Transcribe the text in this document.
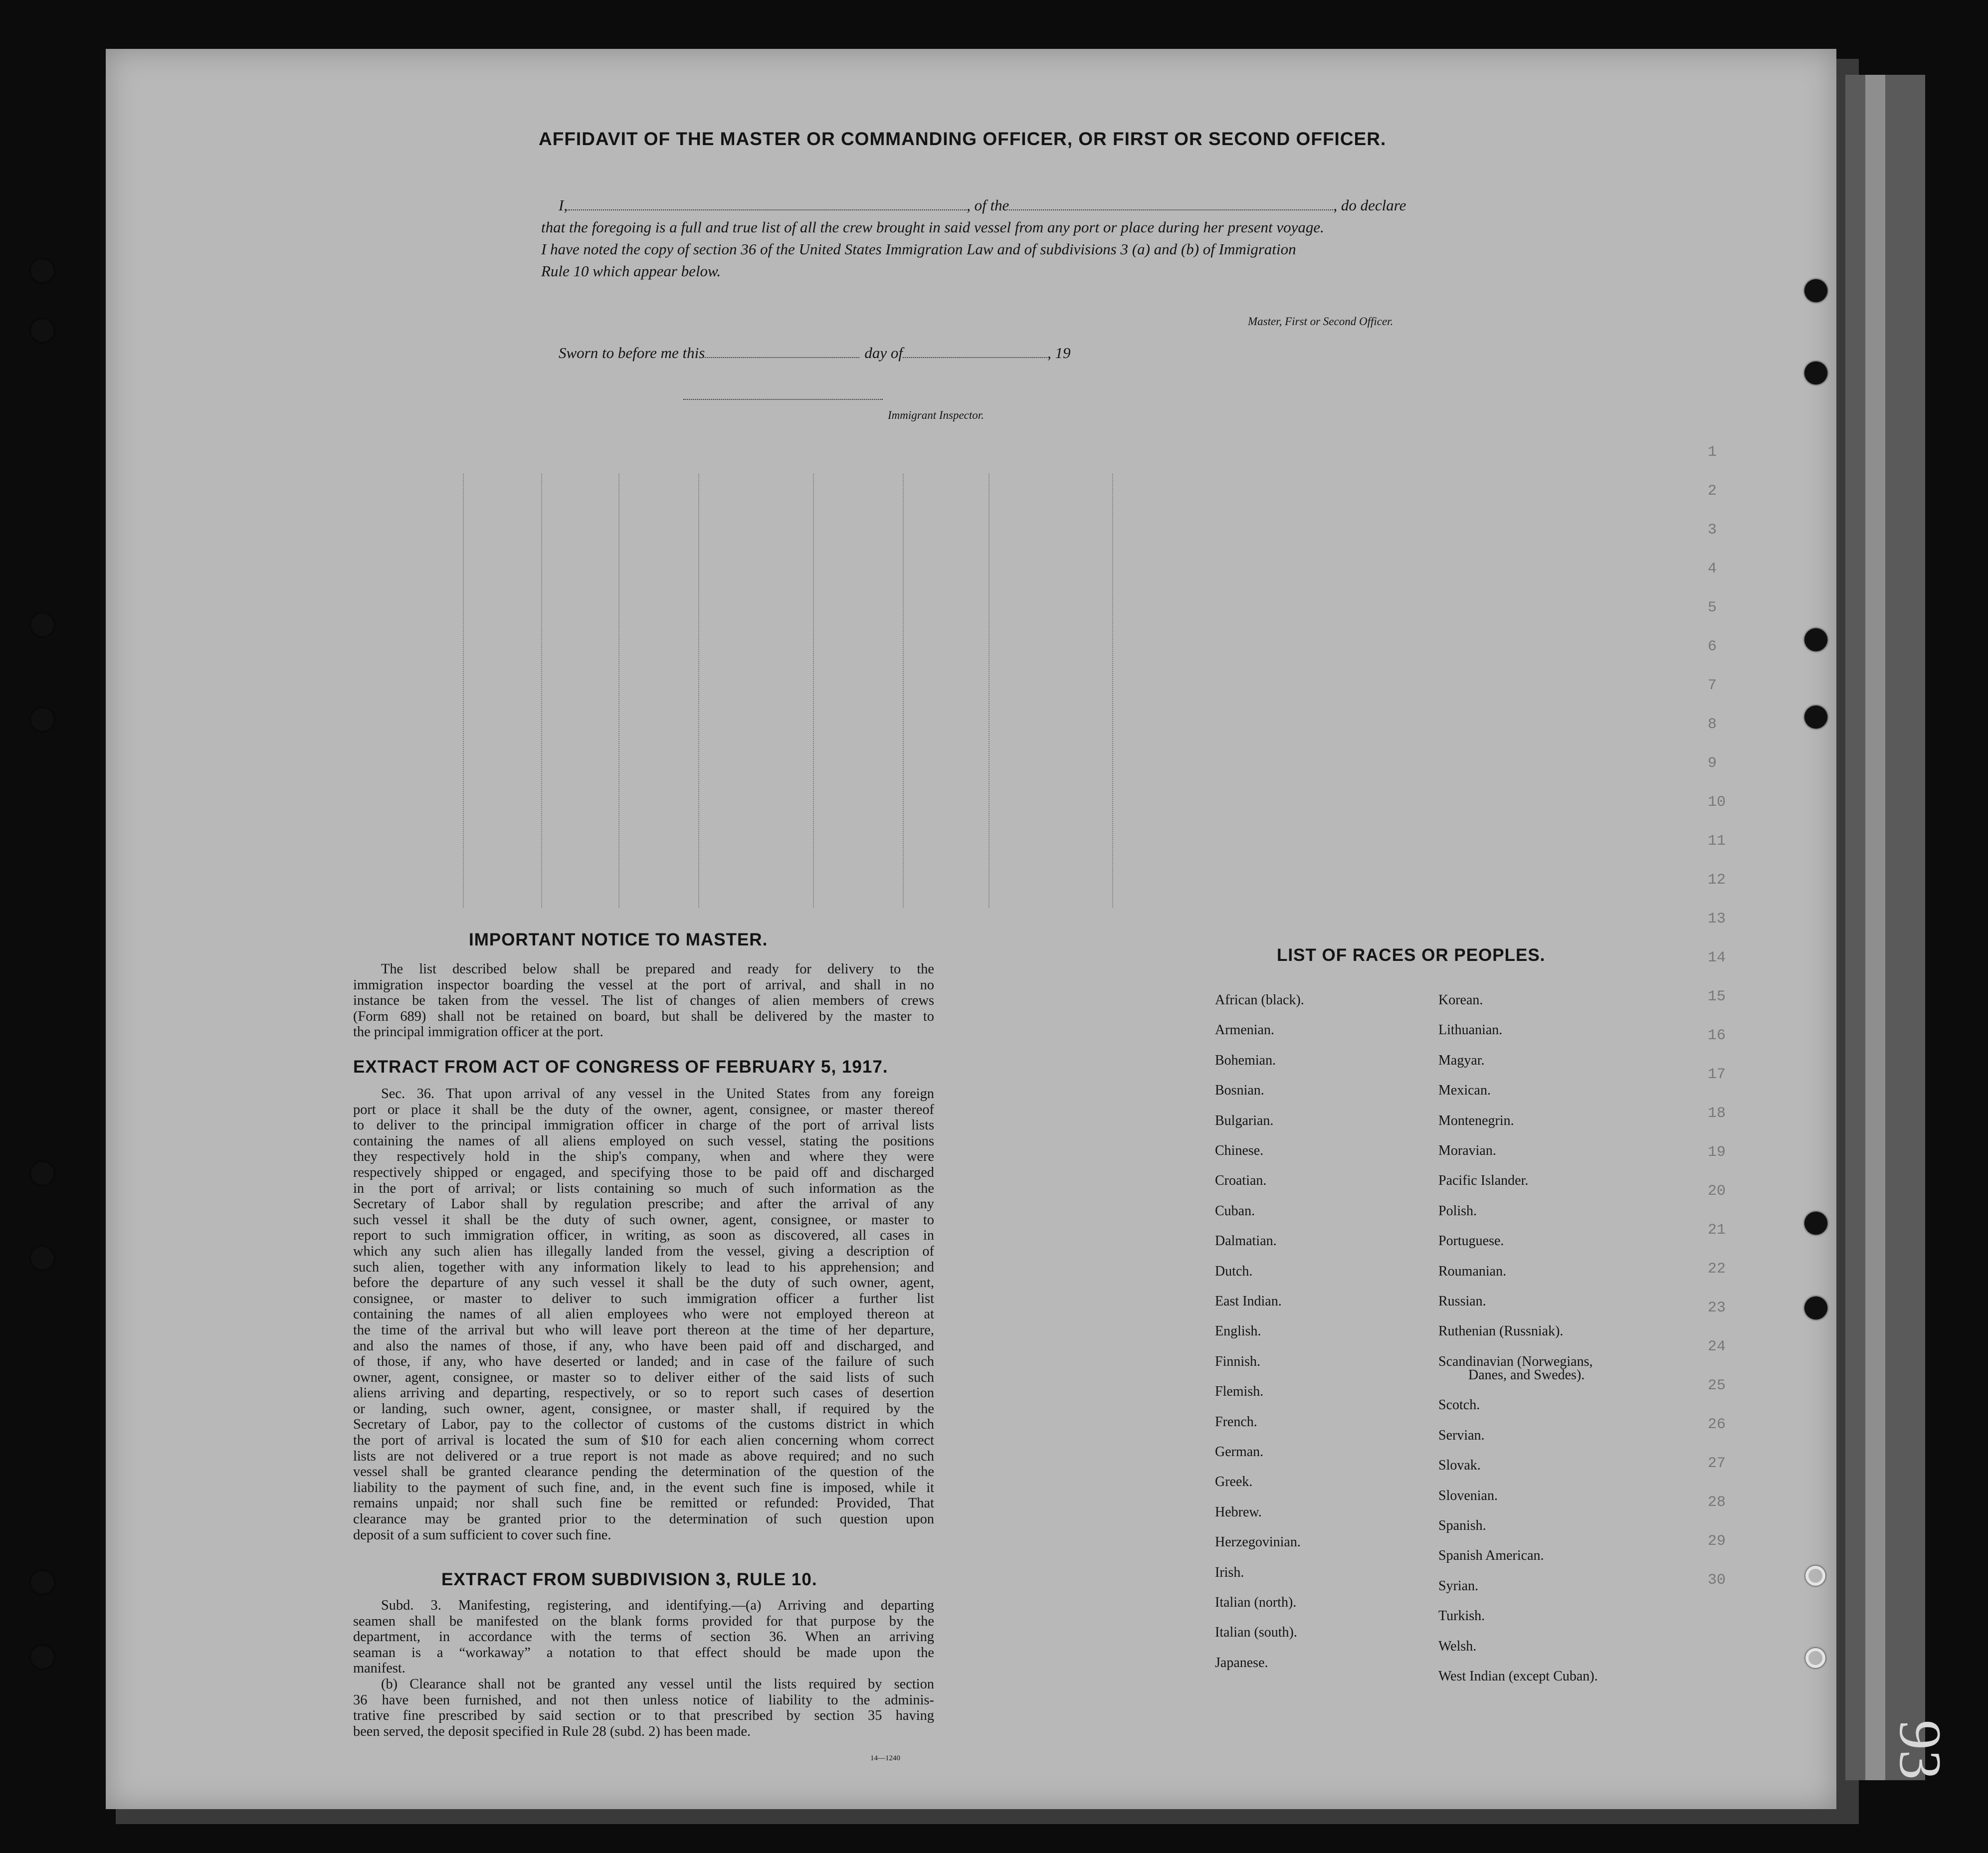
1
2
3
4
5
6
7
8
9
10
11
12
13
14
15
16
17
18
19
20
21
22
23
24
25
26
27
28
29
30
AFFIDAVIT OF THE MASTER OR COMMANDING OFFICER, OR FIRST OR SECOND OFFICER.
I,	, of the	, do declare
that the foregoing is a full and true list of all the crew brought in said vessel from any port or place during her present voyage.
I have noted the copy of section 36 of the United States Immigration Law and of subdivisions 3 (a) and (b) of Immigration
Rule 10 which appear below.
Master, First or Second Officer.
Sworn to before me this	day of	, 19
Immigrant Inspector.
IMPORTANT NOTICE TO MASTER.
The list described below shall be prepared and ready for delivery to the
immigration inspector boarding the vessel at the port of arrival, and shall in no
instance be taken from the vessel. The list of changes of alien members of crews
(Form 689) shall not be retained on board, but shall be delivered by the master to
the principal immigration officer at the port.
EXTRACT FROM ACT OF CONGRESS OF FEBRUARY 5, 1917.
Sec. 36. That upon arrival of any vessel in the United States from any foreign
port or place it shall be the duty of the owner, agent, consignee, or master thereof
to deliver to the principal immigration officer in charge of the port of arrival lists
containing the names of all aliens employed on such vessel, stating the positions
they respectively hold in the ship's company, when and where they were
respectively shipped or engaged, and specifying those to be paid off and discharged
in the port of arrival; or lists containing so much of such information as the
Secretary of Labor shall by regulation prescribe; and after the arrival of any
such vessel it shall be the duty of such owner, agent, consignee, or master to
report to such immigration officer, in writing, as soon as discovered, all cases in
which any such alien has illegally landed from the vessel, giving a description of
such alien, together with any information likely to lead to his apprehension; and
before the departure of any such vessel it shall be the duty of such owner, agent,
consignee, or master to deliver to such immigration officer a further list
containing the names of all alien employees who were not employed thereon at
the time of the arrival but who will leave port thereon at the time of her departure,
and also the names of those, if any, who have been paid off and discharged, and
of those, if any, who have deserted or landed; and in case of the failure of such
owner, agent, consignee, or master so to deliver either of the said lists of such
aliens arriving and departing, respectively, or so to report such cases of desertion
or landing, such owner, agent, consignee, or master shall, if required by the
Secretary of Labor, pay to the collector of customs of the customs district in which
the port of arrival is located the sum of $10 for each alien concerning whom correct
lists are not delivered or a true report is not made as above required; and no such
vessel shall be granted clearance pending the determination of the question of the
liability to the payment of such fine, and, in the event such fine is imposed, while it
remains unpaid; nor shall such fine be remitted or refunded: Provided, That
clearance may be granted prior to the determination of such question upon
deposit of a sum sufficient to cover such fine.
EXTRACT FROM SUBDIVISION 3, RULE 10.
Subd. 3. Manifesting, registering, and identifying.—(a) Arriving and departing
seamen shall be manifested on the blank forms provided for that purpose by the
department, in accordance with the terms of section 36. When an arriving
seaman is a “workaway” a notation to that effect should be made upon the
manifest.
(b) Clearance shall not be granted any vessel until the lists required by section
36 have been furnished, and not then unless notice of liability to the adminis-
trative fine prescribed by said section or to that prescribed by section 35 having
been served, the deposit specified in Rule 28 (subd. 2) has been made.
14—1240
LIST OF RACES OR PEOPLES.
African (black).
Armenian.
Bohemian.
Bosnian.
Bulgarian.
Chinese.
Croatian.
Cuban.
Dalmatian.
Dutch.
East Indian.
English.
Finnish.
Flemish.
French.
German.
Greek.
Hebrew.
Herzegovinian.
Irish.
Italian (north).
Italian (south).
Japanese.
Korean.
Lithuanian.
Magyar.
Mexican.
Montenegrin.
Moravian.
Pacific Islander.
Polish.
Portuguese.
Roumanian.
Russian.
Ruthenian (Russniak).
Scandinavian (Norwegians,
Danes, and Swedes).
Scotch.
Servian.
Slovak.
Slovenian.
Spanish.
Spanish American.
Syrian.
Turkish.
Welsh.
West Indian (except Cuban).
93
